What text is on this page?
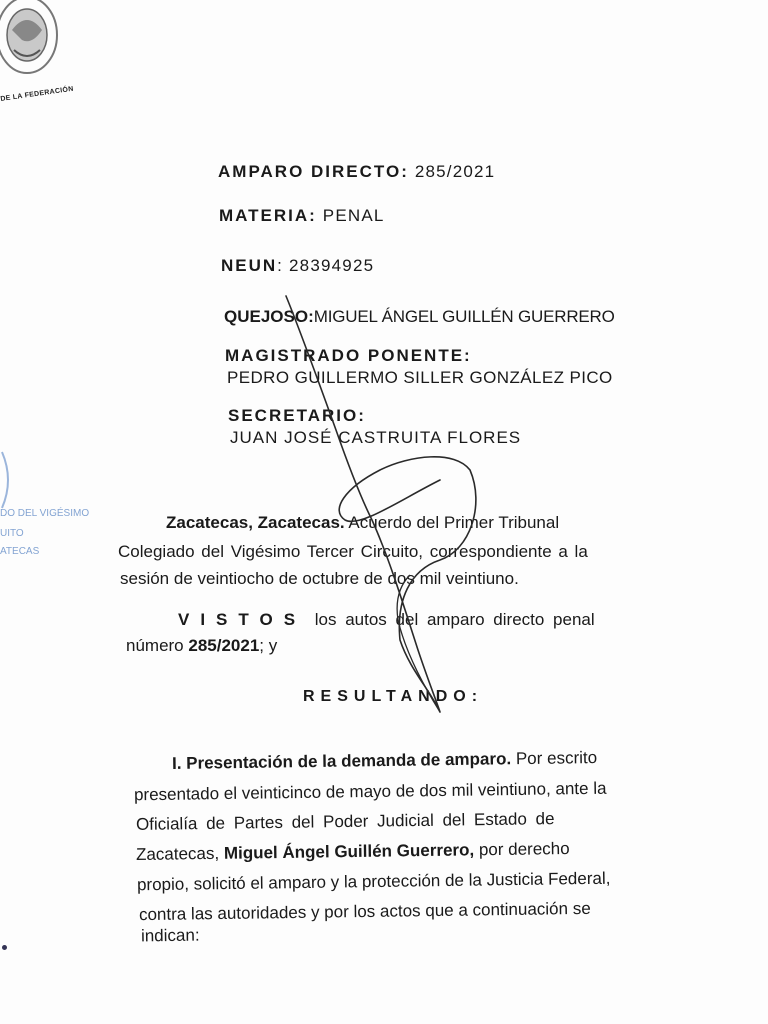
DE LA FEDERACIÓN
DO DEL VIGÉSIMO
UITO
ATECAS
AMPARO DIRECTO: 285/2021
MATERIA: PENAL
NEUN: 28394925
QUEJOSO:MIGUEL ÁNGEL GUILLÉN GUERRERO
MAGISTRADO PONENTE:
PEDRO GUILLERMO SILLER GONZÁLEZ PICO
SECRETARIO:
JUAN JOSÉ CASTRUITA FLORES
Zacatecas, Zacatecas. Acuerdo del Primer Tribunal
Colegiado del Vigésimo Tercer Circuito, correspondiente a la
sesión de veintiocho de octubre de dos mil veintiuno.
VISTOS los autos del amparo directo penal
número 285/2021; y
RESULTANDO:
I. Presentación de la demanda de amparo. Por escrito
presentado el veinticinco de mayo de dos mil veintiuno, ante la
Oficialía de Partes del Poder Judicial del Estado de
Zacatecas, Miguel Ángel Guillén Guerrero, por derecho
propio, solicitó el amparo y la protección de la Justicia Federal,
contra las autoridades y por los actos que a continuación se
indican:
